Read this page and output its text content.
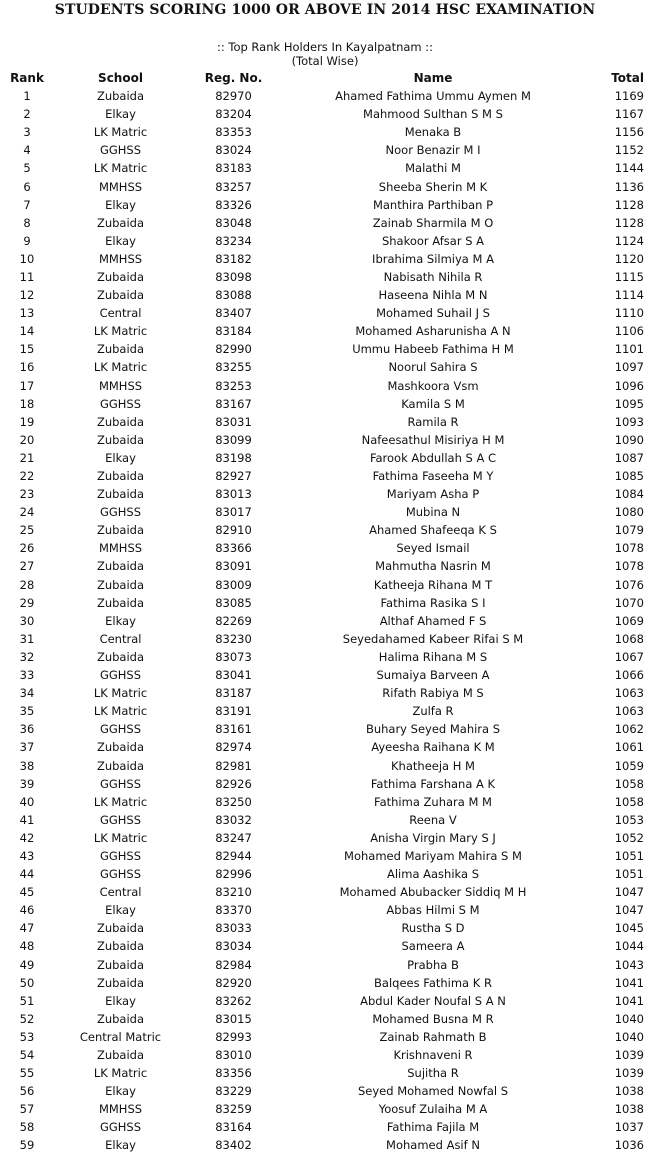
STUDENTS SCORING 1000 OR ABOVE IN 2014 HSC EXAMINATION
:: Top Rank Holders In Kayalpatnam ::
(Total Wise)
Rank	School	Reg. No.	Name	Total
1	Zubaida	82970	Ahamed Fathima Ummu Aymen M	1169
2	Elkay	83204	Mahmood Sulthan S M S	1167
3	LK Matric	83353	Menaka B	1156
4	GGHSS	83024	Noor Benazir M I	1152
5	LK Matric	83183	Malathi M	1144
6	MMHSS	83257	Sheeba Sherin M K	1136
7	Elkay	83326	Manthira Parthiban P	1128
8	Zubaida	83048	Zainab Sharmila M O	1128
9	Elkay	83234	Shakoor Afsar S A	1124
10	MMHSS	83182	Ibrahima Silmiya M A	1120
11	Zubaida	83098	Nabisath Nihila R	1115
12	Zubaida	83088	Haseena Nihla M N	1114
13	Central	83407	Mohamed Suhail J S	1110
14	LK Matric	83184	Mohamed Asharunisha A N	1106
15	Zubaida	82990	Ummu Habeeb Fathima H M	1101
16	LK Matric	83255	Noorul Sahira S	1097
17	MMHSS	83253	Mashkoora Vsm	1096
18	GGHSS	83167	Kamila S M	1095
19	Zubaida	83031	Ramila R	1093
20	Zubaida	83099	Nafeesathul Misiriya H M	1090
21	Elkay	83198	Farook Abdullah S A C	1087
22	Zubaida	82927	Fathima Faseeha M Y	1085
23	Zubaida	83013	Mariyam Asha P	1084
24	GGHSS	83017	Mubina N	1080
25	Zubaida	82910	Ahamed Shafeeqa K S	1079
26	MMHSS	83366	Seyed Ismail	1078
27	Zubaida	83091	Mahmutha Nasrin M	1078
28	Zubaida	83009	Katheeja Rihana M T	1076
29	Zubaida	83085	Fathima Rasika S I	1070
30	Elkay	82269	Althaf Ahamed F S	1069
31	Central	83230	Seyedahamed Kabeer Rifai S M	1068
32	Zubaida	83073	Halima Rihana M S	1067
33	GGHSS	83041	Sumaiya Barveen A	1066
34	LK Matric	83187	Rifath Rabiya M S	1063
35	LK Matric	83191	Zulfa R	1063
36	GGHSS	83161	Buhary Seyed Mahira S	1062
37	Zubaida	82974	Ayeesha Raihana K M	1061
38	Zubaida	82981	Khatheeja H M	1059
39	GGHSS	82926	Fathima Farshana A K	1058
40	LK Matric	83250	Fathima Zuhara M M	1058
41	GGHSS	83032	Reena V	1053
42	LK Matric	83247	Anisha Virgin Mary S J	1052
43	GGHSS	82944	Mohamed Mariyam Mahira S M	1051
44	GGHSS	82996	Alima Aashika S	1051
45	Central	83210	Mohamed Abubacker Siddiq M H	1047
46	Elkay	83370	Abbas Hilmi S M	1047
47	Zubaida	83033	Rustha S D	1045
48	Zubaida	83034	Sameera A	1044
49	Zubaida	82984	Prabha B	1043
50	Zubaida	82920	Balqees Fathima K R	1041
51	Elkay	83262	Abdul Kader Noufal S A N	1041
52	Zubaida	83015	Mohamed Busna M R	1040
53	Central Matric	82993	Zainab Rahmath B	1040
54	Zubaida	83010	Krishnaveni R	1039
55	LK Matric	83356	Sujitha R	1039
56	Elkay	83229	Seyed Mohamed Nowfal S	1038
57	MMHSS	83259	Yoosuf Zulaiha M A	1038
58	GGHSS	83164	Fathima Fajila M	1037
59	Elkay	83402	Mohamed Asif N	1036
